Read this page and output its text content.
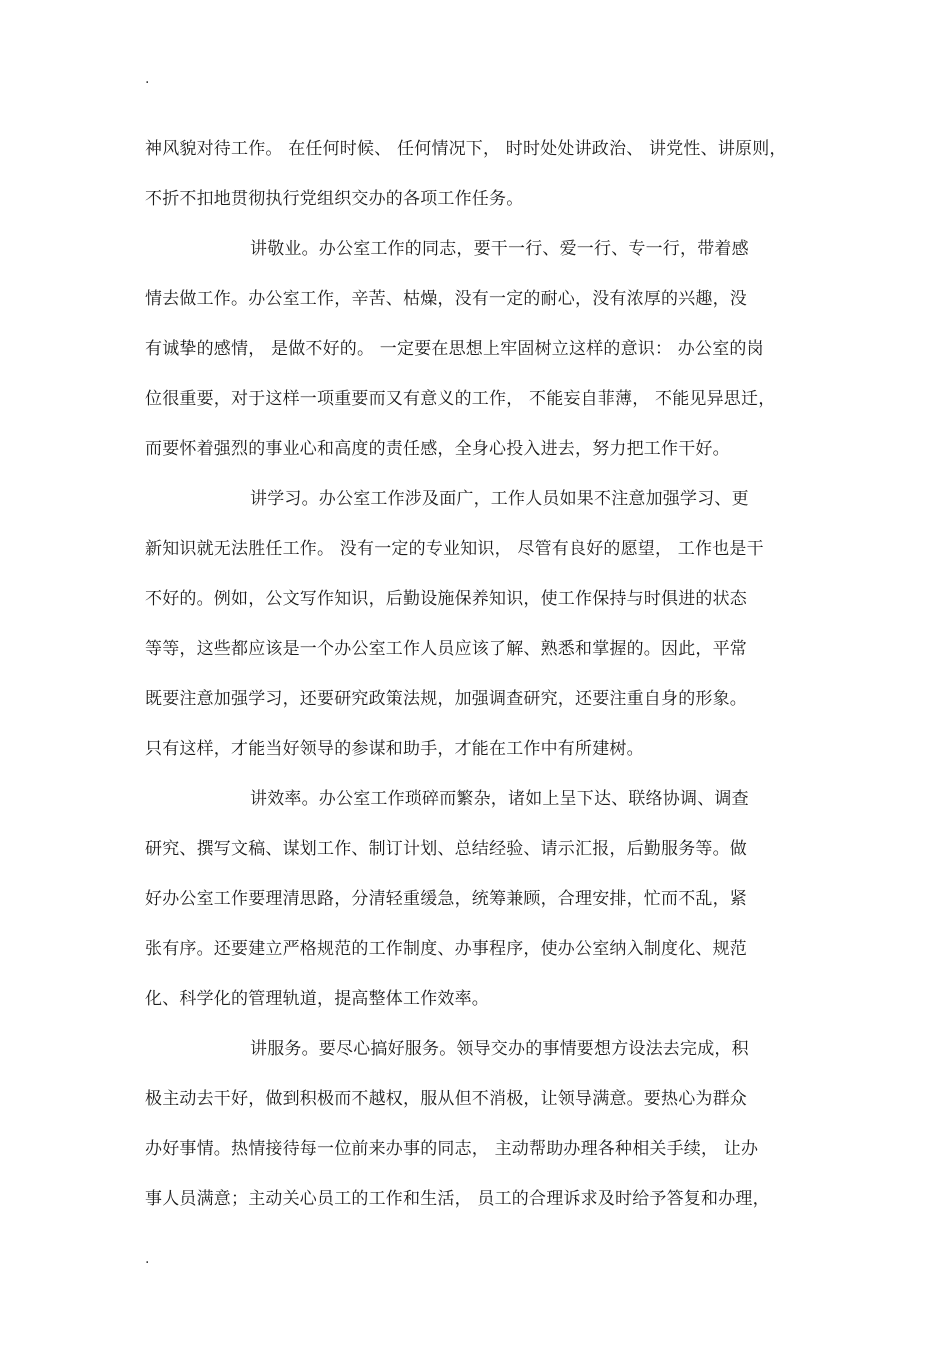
.
神风貌对待工作。 在任何时候、 任何情况下， 时时处处讲政治、 讲党性、讲原则，
不折不扣地贯彻执行党组织交办的各项工作任务。
讲敬业。办公室工作的同志，要干一行、爱一行、专一行，带着感
情去做工作。办公室工作，辛苦、枯燥，没有一定的耐心，没有浓厚的兴趣，没
有诚挚的感情， 是做不好的。 一定要在思想上牢固树立这样的意识： 办公室的岗
位很重要，对于这样一项重要而又有意义的工作， 不能妄自菲薄， 不能见异思迁，
而要怀着强烈的事业心和高度的责任感，全身心投入进去，努力把工作干好。
讲学习。办公室工作涉及面广，工作人员如果不注意加强学习、更
新知识就无法胜任工作。 没有一定的专业知识， 尽管有良好的愿望， 工作也是干
不好的。例如，公文写作知识，后勤设施保养知识，使工作保持与时俱进的状态
等等，这些都应该是一个办公室工作人员应该了解、熟悉和掌握的。因此，平常
既要注意加强学习，还要研究政策法规，加强调查研究，还要注重自身的形象。
只有这样，才能当好领导的参谋和助手，才能在工作中有所建树。
讲效率。办公室工作琐碎而繁杂，诸如上呈下达、联络协调、调查
研究、撰写文稿、谋划工作、制订计划、总结经验、请示汇报，后勤服务等。做
好办公室工作要理清思路，分清轻重缓急，统筹兼顾，合理安排，忙而不乱，紧
张有序。还要建立严格规范的工作制度、办事程序，使办公室纳入制度化、规范
化、科学化的管理轨道，提高整体工作效率。
讲服务。要尽心搞好服务。领导交办的事情要想方设法去完成，积
极主动去干好，做到积极而不越权，服从但不消极，让领导满意。要热心为群众
办好事情。热情接待每一位前来办事的同志， 主动帮助办理各种相关手续， 让办
事人员满意；主动关心员工的工作和生活， 员工的合理诉求及时给予答复和办理，
.
